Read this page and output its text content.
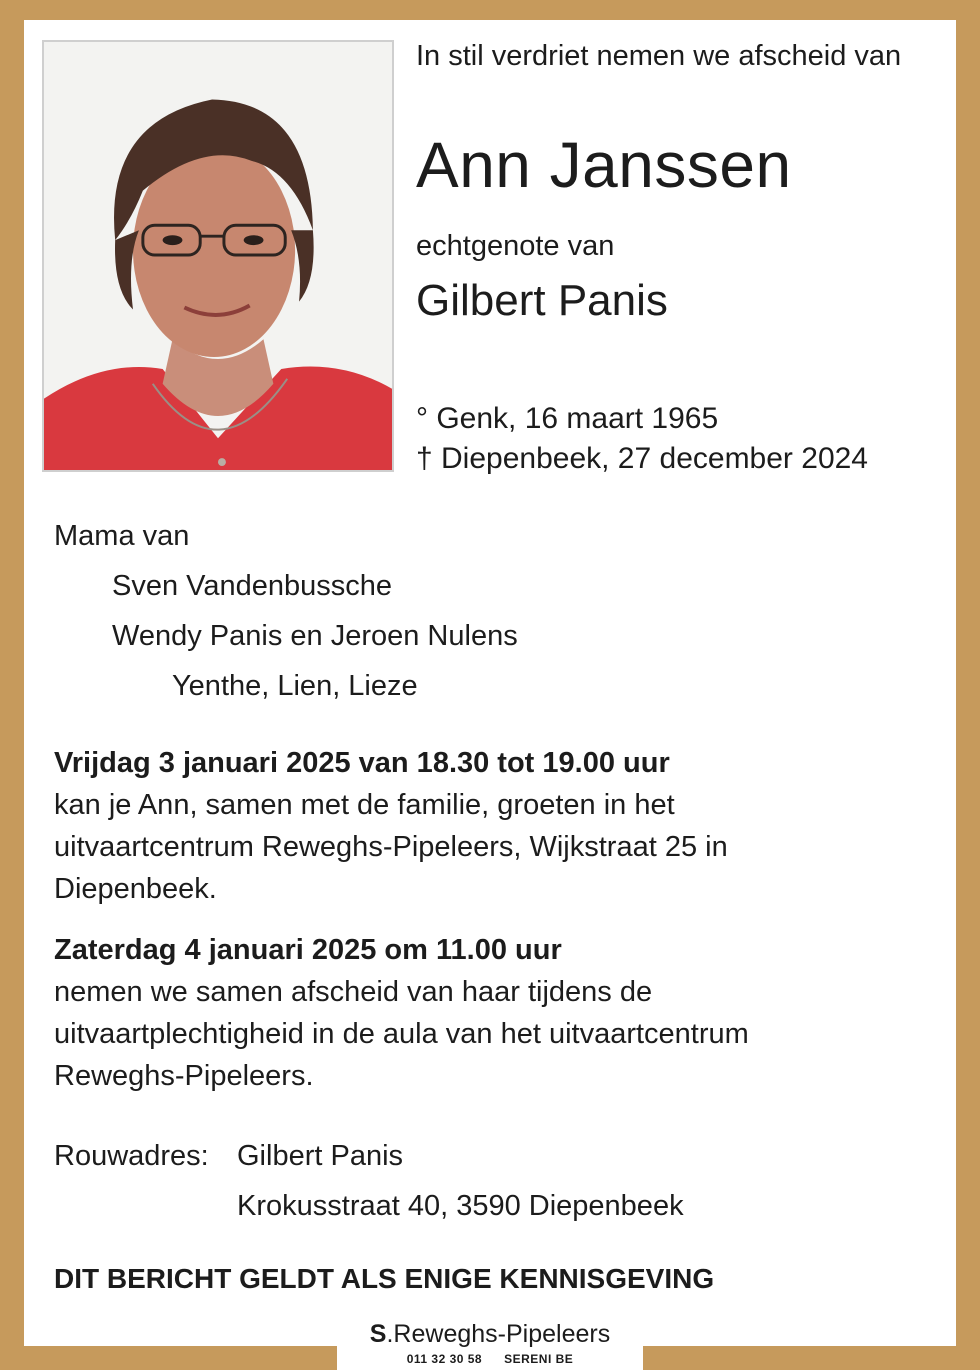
In stil verdriet nemen we afscheid van
Ann Janssen
echtgenote van
Gilbert Panis
° Genk, 16 maart 1965
† Diepenbeek, 27 december 2024
Mama van
Sven Vandenbussche
Wendy Panis en Jeroen Nulens
Yenthe, Lien, Lieze
Vrijdag 3 januari 2025 van 18.30 tot 19.00 uur
kan je Ann, samen met de familie, groeten in het uitvaartcentrum Reweghs-Pipeleers, Wijkstraat 25 in Diepenbeek.
Zaterdag 4 januari 2025 om 11.00 uur
nemen we samen afscheid van haar tijdens de uitvaartplechtigheid in de aula van het uitvaartcentrum Reweghs-Pipeleers.
Rouwadres: Gilbert Panis
Krokusstraat 40, 3590 Diepenbeek
DIT BERICHT GELDT ALS ENIGE KENNISGEVING
S.Reweghs-Pipeleers
011 32 30 58 SERENI BE
